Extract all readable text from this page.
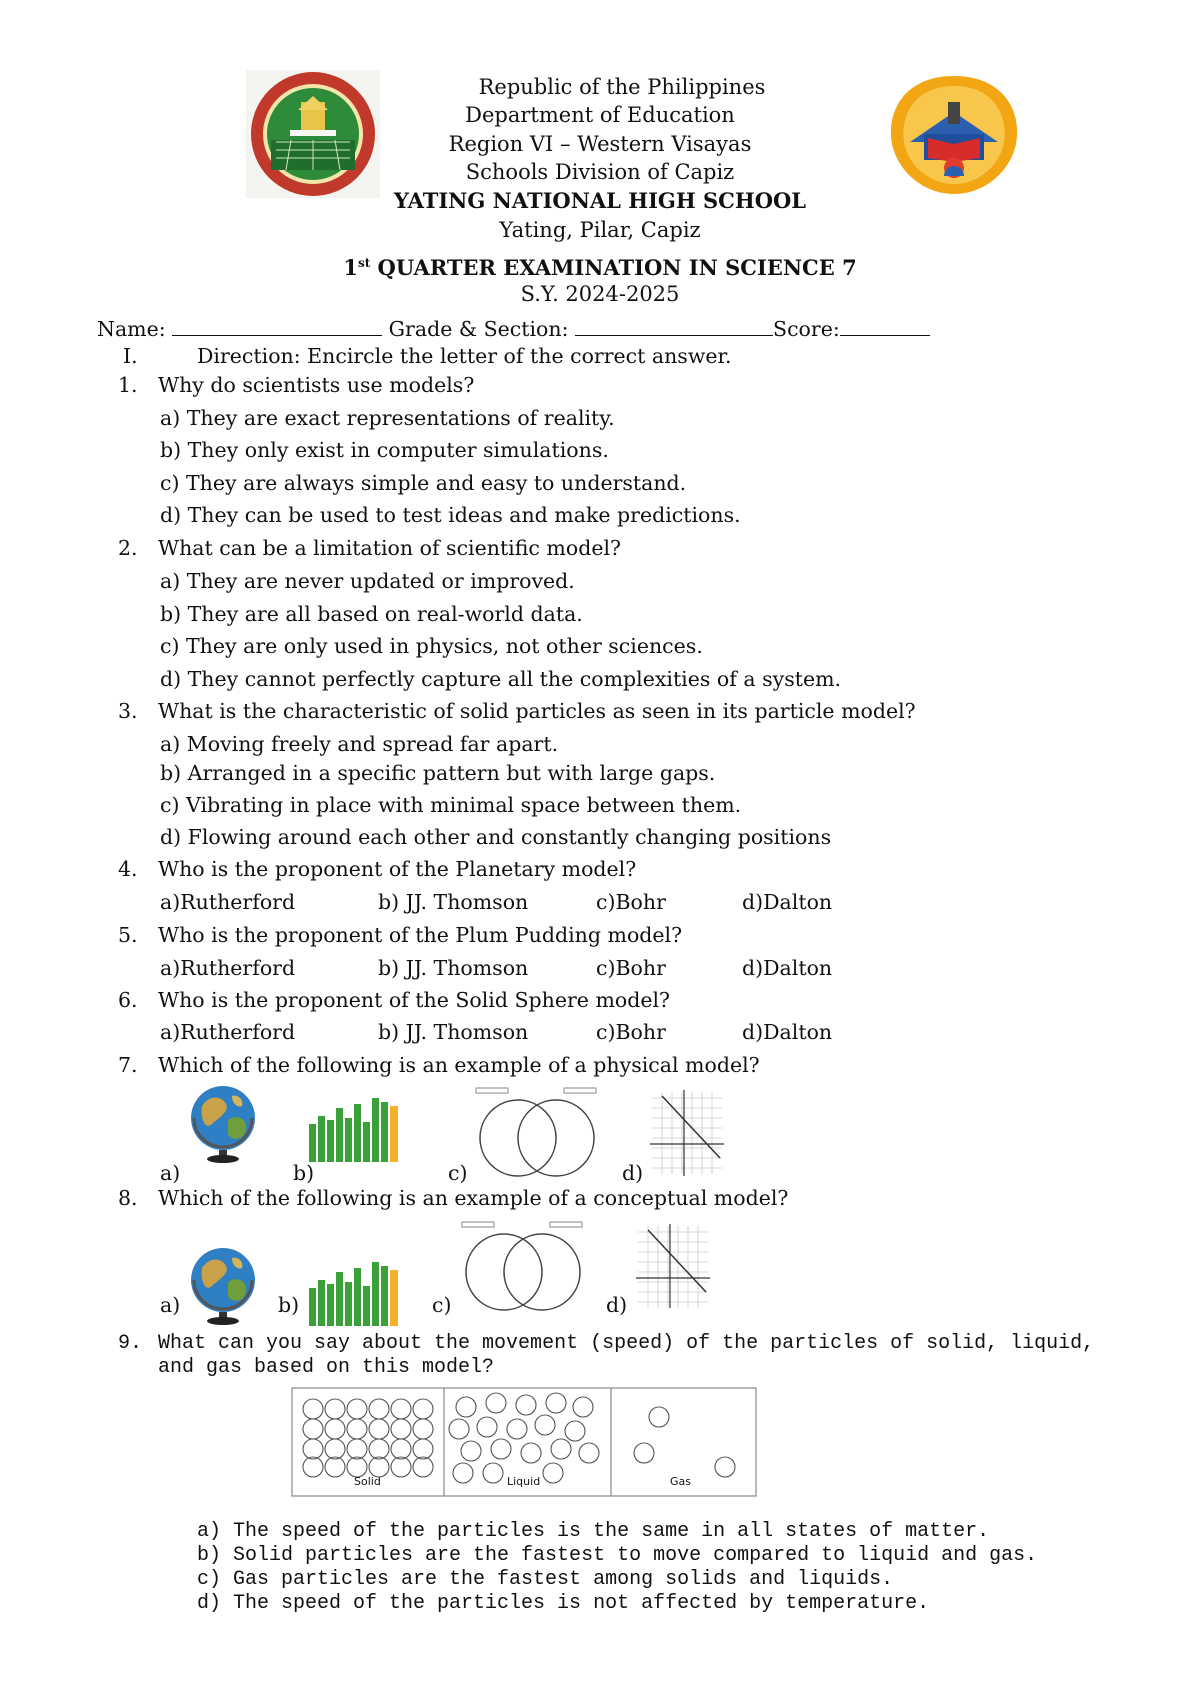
Republic of the Philippines
Department of Education
Region VI – Western Visayas
Schools Division of Capiz
YATING NATIONAL HIGH SCHOOL
Yating, Pilar, Capiz
1st QUARTER EXAMINATION IN SCIENCE 7
S.Y. 2024-2025
Name:	Grade & Section:	Score:
I.	Direction: Encircle the letter of the correct answer.
1. Why do scientists use models?
a) They are exact representations of reality.
b) They only exist in computer simulations.
c) They are always simple and easy to understand.
d) They can be used to test ideas and make predictions.
2. What can be a limitation of scientific model?
a) They are never updated or improved.
b) They are all based on real-world data.
c) They are only used in physics, not other sciences.
d) They cannot perfectly capture all the complexities of a system.
3. What is the characteristic of solid particles as seen in its particle model?
a) Moving freely and spread far apart.
b) Arranged in a specific pattern but with large gaps.
c) Vibrating in place with minimal space between them.
d) Flowing around each other and constantly changing positions
4. Who is the proponent of the Planetary model?
a)Rutherford	b) JJ. Thomson	c)Bohr	d)Dalton
5. Who is the proponent of the Plum Pudding model?
a)Rutherford	b) JJ. Thomson	c)Bohr	d)Dalton
6. Who is the proponent of the Solid Sphere model?
a)Rutherford	b) JJ. Thomson	c)Bohr	d)Dalton
7. Which of the following is an example of a physical model?
a)	b)	c)	d)
8. Which of the following is an example of a conceptual model?
a)	b)	c)	d)
9. What can you say about the movement (speed) of the particles of solid, liquid,
and gas based on this model?
Solid	Liquid	Gas
a) The speed of the particles is the same in all states of matter.
b) Solid particles are the fastest to move compared to liquid and gas.
c) Gas particles are the fastest among solids and liquids.
d) The speed of the particles is not affected by temperature.
